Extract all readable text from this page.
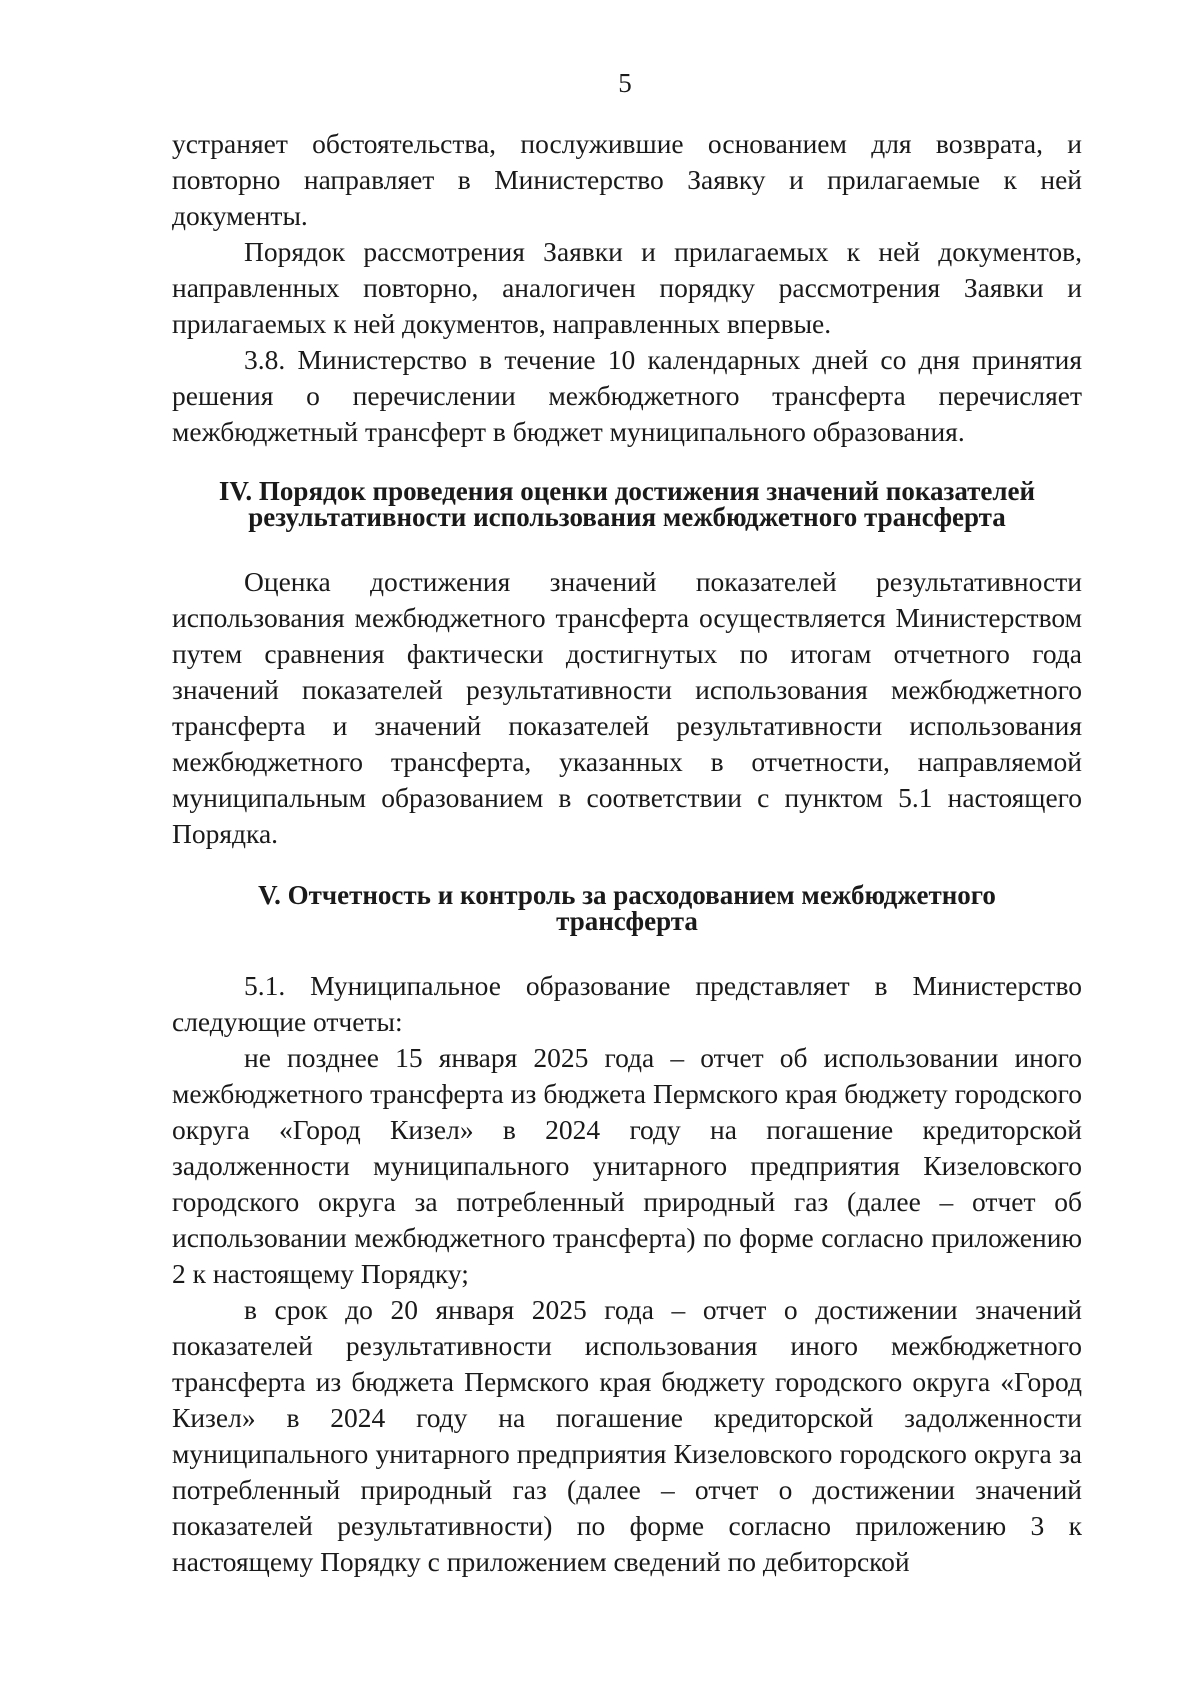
5

устраняет обстоятельства, послужившие основанием для возврата, и повторно направляет в Министерство Заявку и прилагаемые к ней документы.

Порядок рассмотрения Заявки и прилагаемых к ней документов, направленных повторно, аналогичен порядку рассмотрения Заявки и прилагаемых к ней документов, направленных впервые.

3.8. Министерство в течение 10 календарных дней со дня принятия решения о перечислении межбюджетного трансферта перечисляет межбюджетный трансферт в бюджет муниципального образования.

IV. Порядок проведения оценки достижения значений показателей
результативности использования межбюджетного трансферта

Оценка достижения значений показателей результативности использования межбюджетного трансферта осуществляется Министерством путем сравнения фактически достигнутых по итогам отчетного года значений показателей результативности использования межбюджетного трансферта и значений показателей результативности использования межбюджетного трансферта, указанных в отчетности, направляемой муниципальным образованием в соответствии с пунктом 5.1 настоящего Порядка.

V. Отчетность и контроль за расходованием межбюджетного
трансферта

5.1. Муниципальное образование представляет в Министерство следующие отчеты:

не позднее 15 января 2025 года – отчет об использовании иного межбюджетного трансферта из бюджета Пермского края бюджету городского округа «Город Кизел» в 2024 году на погашение кредиторской задолженности муниципального унитарного предприятия Кизеловского городского округа за потребленный природный газ (далее – отчет об использовании межбюджетного трансферта) по форме согласно приложению 2 к настоящему Порядку;

в срок до 20 января 2025 года – отчет о достижении значений показателей результативности использования иного межбюджетного трансферта из бюджета Пермского края бюджету городского округа «Город Кизел» в 2024 году на погашение кредиторской задолженности муниципального унитарного предприятия Кизеловского городского округа за потребленный природный газ (далее – отчет о достижении значений показателей результативности) по форме согласно приложению 3 к настоящему Порядку с приложением сведений по дебиторской
